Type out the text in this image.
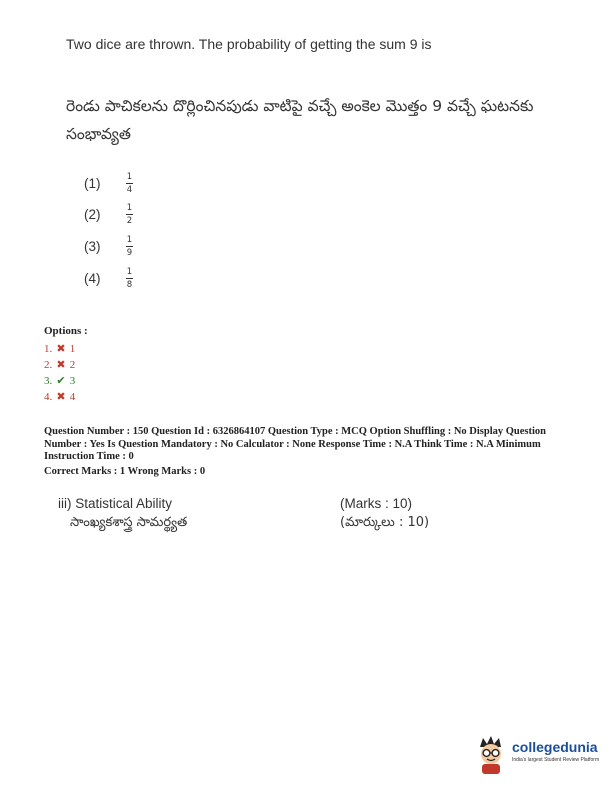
Two dice are thrown. The probability of getting the sum 9 is
రెండు పాచికలను దొర్లించినపుడు వాటిపై వచ్చే అంకెల మొత్తం 9 వచ్చే ఘటనకు సంభావ్యత
(1)	$\frac{1}{4}$
(2)	$\frac{1}{2}$
(3)	$\frac{1}{9}$
(4)	$\frac{1}{8}$
Options :
1. ✖ 1
2. ✖ 2
3. ✔ 3
4. ✖ 4
Question Number : 150 Question Id : 6326864107 Question Type : MCQ Option Shuffling : No Display Question Number : Yes Is Question Mandatory : No Calculator : None Response Time : N.A Think Time : N.A Minimum Instruction Time : 0
Correct Marks : 1 Wrong Marks : 0
iii) Statistical Ability
సాంఖ్యకశాస్త్ర సామర్థ్యత
(Marks : 10)
(మార్కులు : 10)
collegedunia
India's largest Student Review Platform
